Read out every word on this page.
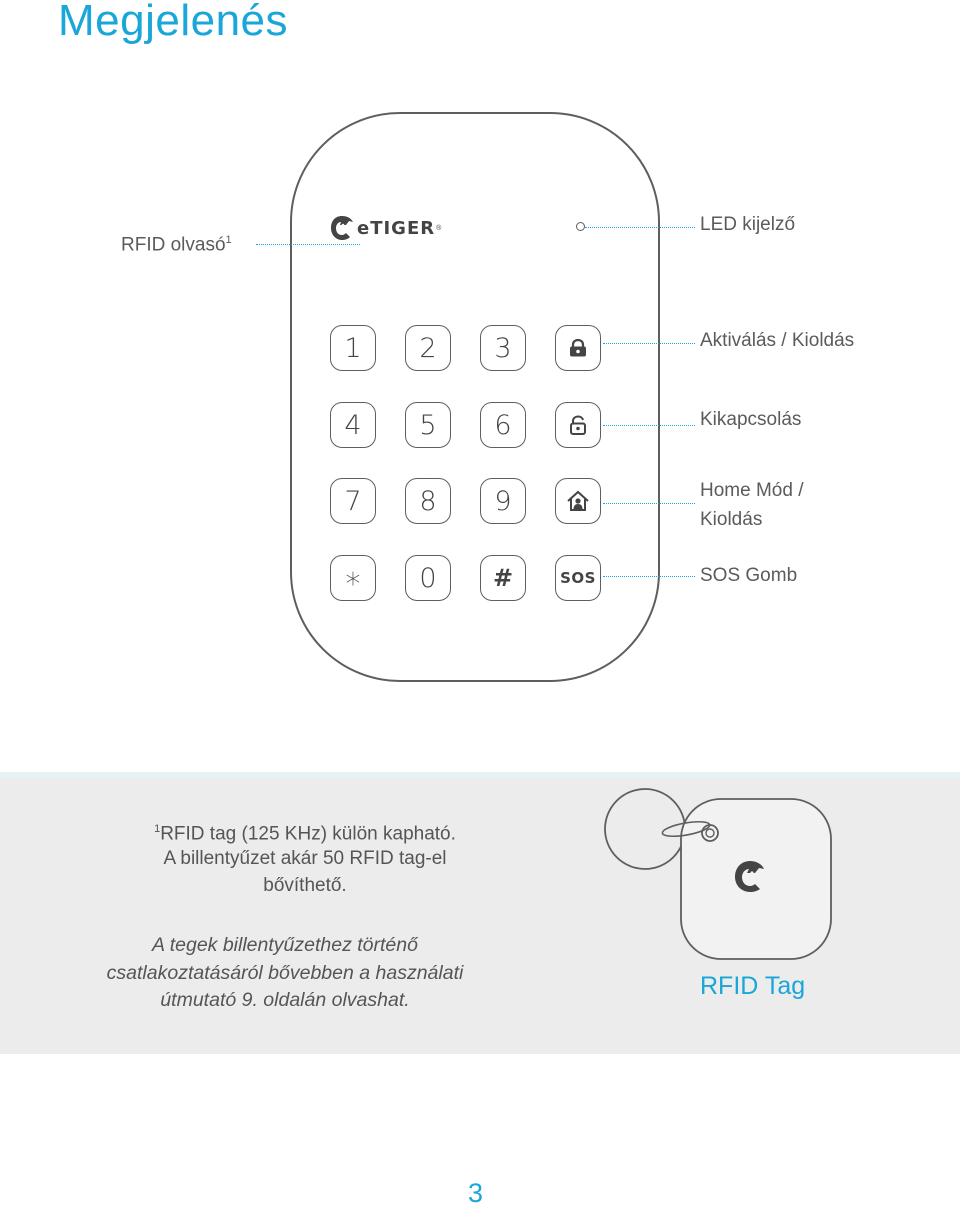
Megjelenés
eTIGER ®
1	2	3
4	5	6
7	8	9
∗	0	#	SOS
RFID olvasó$^1$
LED kijelző
Aktiválás / Kioldás
Kikapcsolás
Home Mód /
Kioldás
SOS Gomb
$^1$RFID tag (125 KHz) külön kapható.
A billentyűzet akár 50 RFID tag-el
bővíthető.
A tegek billentyűzethez történő
csatlakoztatásáról bővebben a használati
útmutató 9. oldalán olvashat.	RFID Tag
3
